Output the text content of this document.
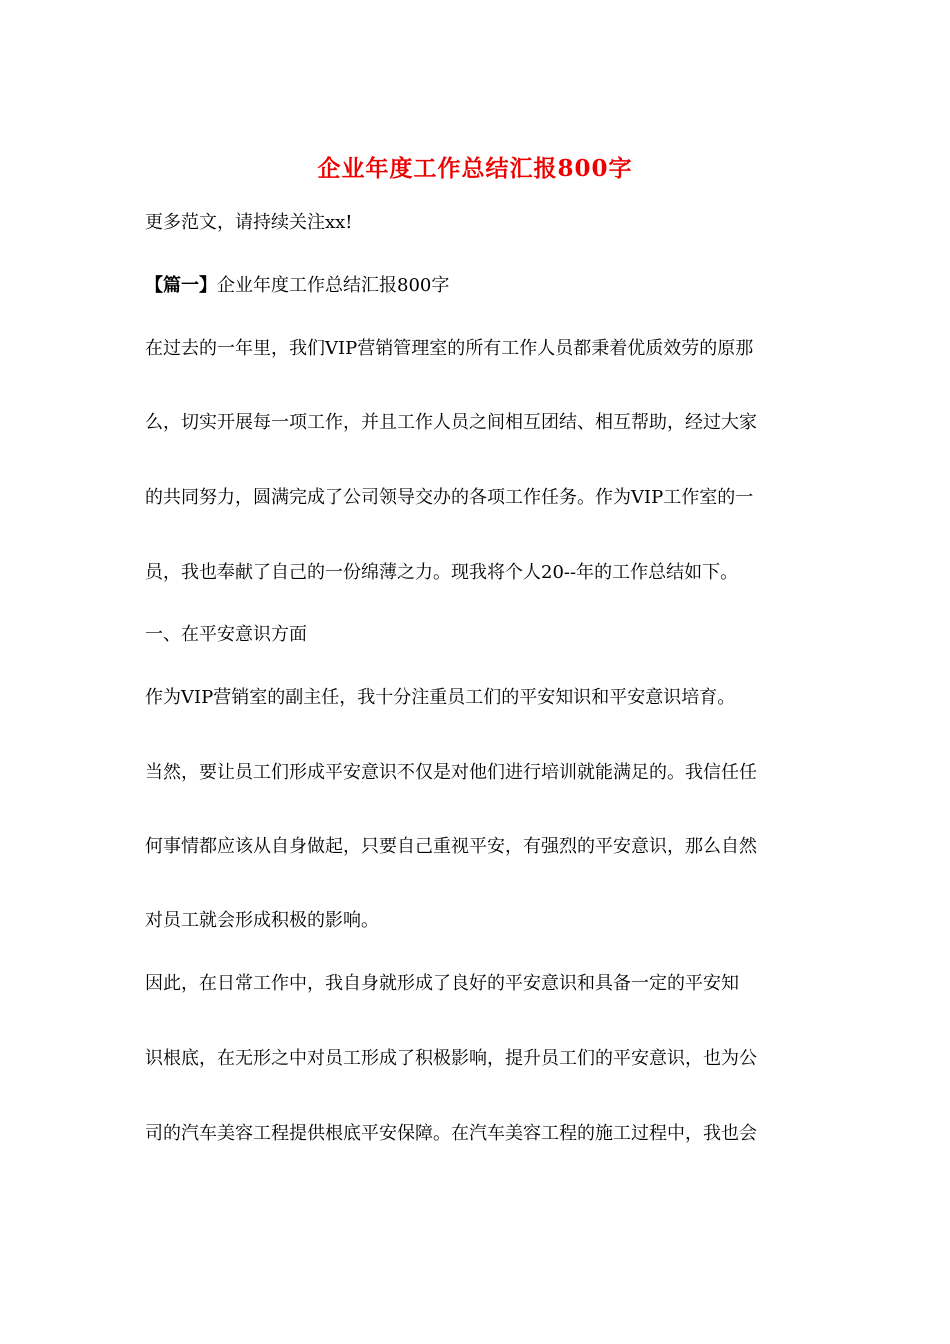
企业年度工作总结汇报800字
更多范文，请持续关注xx!
【篇一】企业年度工作总结汇报800字
在过去的一年里，我们VIP营销管理室的所有工作人员都秉着优质效劳的原那
么，切实开展每一项工作，并且工作人员之间相互团结、相互帮助，经过大家
的共同努力，圆满完成了公司领导交办的各项工作任务。作为VIP工作室的一
员，我也奉献了自己的一份绵薄之力。现我将个人20--年的工作总结如下。
一、在平安意识方面
作为VIP营销室的副主任，我十分注重员工们的平安知识和平安意识培育。
当然，要让员工们形成平安意识不仅是对他们进行培训就能满足的。我信任任
何事情都应该从自身做起，只要自己重视平安，有强烈的平安意识，那么自然
对员工就会形成积极的影响。
因此，在日常工作中，我自身就形成了良好的平安意识和具备一定的平安知
识根底，在无形之中对员工形成了积极影响，提升员工们的平安意识，也为公
司的汽车美容工程提供根底平安保障。在汽车美容工程的施工过程中，我也会
